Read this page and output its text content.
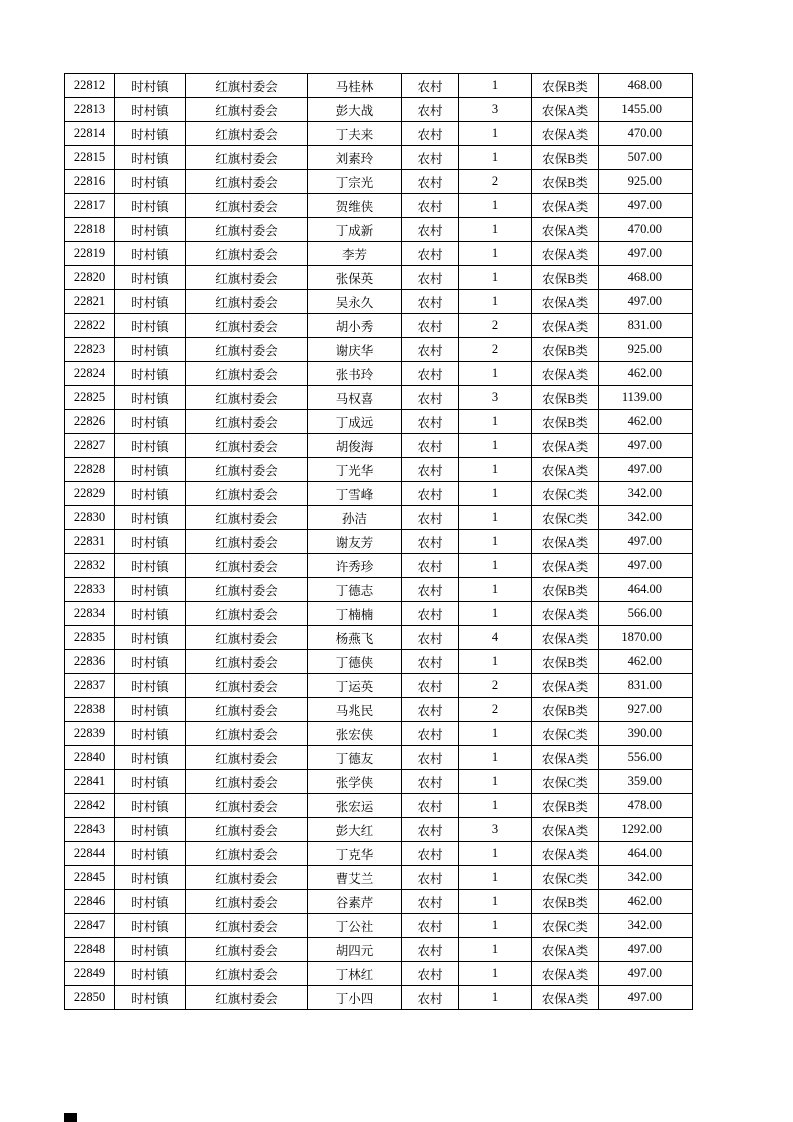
22812	时村镇	红旗村委会	马桂林	农村	1	农保B类	468.00
22813	时村镇	红旗村委会	彭大战	农村	3	农保A类	1455.00
22814	时村镇	红旗村委会	丁夫来	农村	1	农保A类	470.00
22815	时村镇	红旗村委会	刘素玲	农村	1	农保B类	507.00
22816	时村镇	红旗村委会	丁宗光	农村	2	农保B类	925.00
22817	时村镇	红旗村委会	贺维侠	农村	1	农保A类	497.00
22818	时村镇	红旗村委会	丁成新	农村	1	农保A类	470.00
22819	时村镇	红旗村委会	李芳	农村	1	农保A类	497.00
22820	时村镇	红旗村委会	张保英	农村	1	农保B类	468.00
22821	时村镇	红旗村委会	吴永久	农村	1	农保A类	497.00
22822	时村镇	红旗村委会	胡小秀	农村	2	农保A类	831.00
22823	时村镇	红旗村委会	谢庆华	农村	2	农保B类	925.00
22824	时村镇	红旗村委会	张书玲	农村	1	农保A类	462.00
22825	时村镇	红旗村委会	马权喜	农村	3	农保B类	1139.00
22826	时村镇	红旗村委会	丁成远	农村	1	农保B类	462.00
22827	时村镇	红旗村委会	胡俊海	农村	1	农保A类	497.00
22828	时村镇	红旗村委会	丁光华	农村	1	农保A类	497.00
22829	时村镇	红旗村委会	丁雪峰	农村	1	农保C类	342.00
22830	时村镇	红旗村委会	孙洁	农村	1	农保C类	342.00
22831	时村镇	红旗村委会	谢友芳	农村	1	农保A类	497.00
22832	时村镇	红旗村委会	许秀珍	农村	1	农保A类	497.00
22833	时村镇	红旗村委会	丁德志	农村	1	农保B类	464.00
22834	时村镇	红旗村委会	丁楠楠	农村	1	农保A类	566.00
22835	时村镇	红旗村委会	杨燕飞	农村	4	农保A类	1870.00
22836	时村镇	红旗村委会	丁德侠	农村	1	农保B类	462.00
22837	时村镇	红旗村委会	丁运英	农村	2	农保A类	831.00
22838	时村镇	红旗村委会	马兆民	农村	2	农保B类	927.00
22839	时村镇	红旗村委会	张宏侠	农村	1	农保C类	390.00
22840	时村镇	红旗村委会	丁德友	农村	1	农保A类	556.00
22841	时村镇	红旗村委会	张学侠	农村	1	农保C类	359.00
22842	时村镇	红旗村委会	张宏运	农村	1	农保B类	478.00
22843	时村镇	红旗村委会	彭大红	农村	3	农保A类	1292.00
22844	时村镇	红旗村委会	丁克华	农村	1	农保A类	464.00
22845	时村镇	红旗村委会	曹艾兰	农村	1	农保C类	342.00
22846	时村镇	红旗村委会	谷素芹	农村	1	农保B类	462.00
22847	时村镇	红旗村委会	丁公社	农村	1	农保C类	342.00
22848	时村镇	红旗村委会	胡四元	农村	1	农保A类	497.00
22849	时村镇	红旗村委会	丁林红	农村	1	农保A类	497.00
22850	时村镇	红旗村委会	丁小四	农村	1	农保A类	497.00
